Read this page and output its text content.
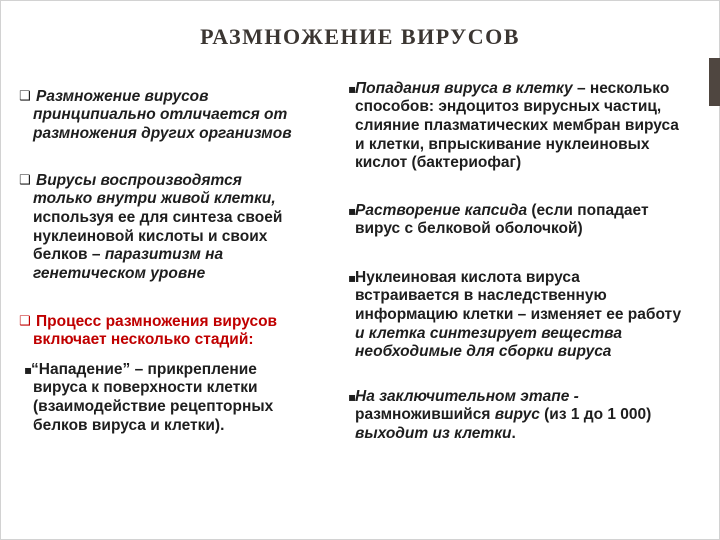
РАЗМНОЖЕНИЕ ВИРУСОВ
❑ Размножение вирусов
принципиально отличается от
размножения других организмов
❑ Вирусы воспроизводятся
только внутри живой клетки,
используя ее для синтеза своей
нуклеиновой кислоты и своих
белков – паразитизм на
генетическом уровне
❑ Процесс размножения вирусов
включает несколько стадий:
▪
“Нападение” – прикрепление
вируса к поверхности клетки
(взаимодействие рецепторных
белков вируса и клетки).
▪
Попадания вируса в клетку – несколько
способов: эндоцитоз вирусных частиц,
слияние плазматических мембран вируса
и клетки, впрыскивание нуклеиновых
кислот (бактериофаг)
▪
Растворение капсида (если попадает
вирус с белковой оболочкой)
▪
Нуклеиновая кислота вируса
встраивается в наследственную
информацию клетки – изменяет ее работу
и клетка синтезирует вещества
необходимые для сборки вируса
▪
На заключительном этапе -
размножившийся вирус (из 1 до 1 000)
выходит из клетки.
